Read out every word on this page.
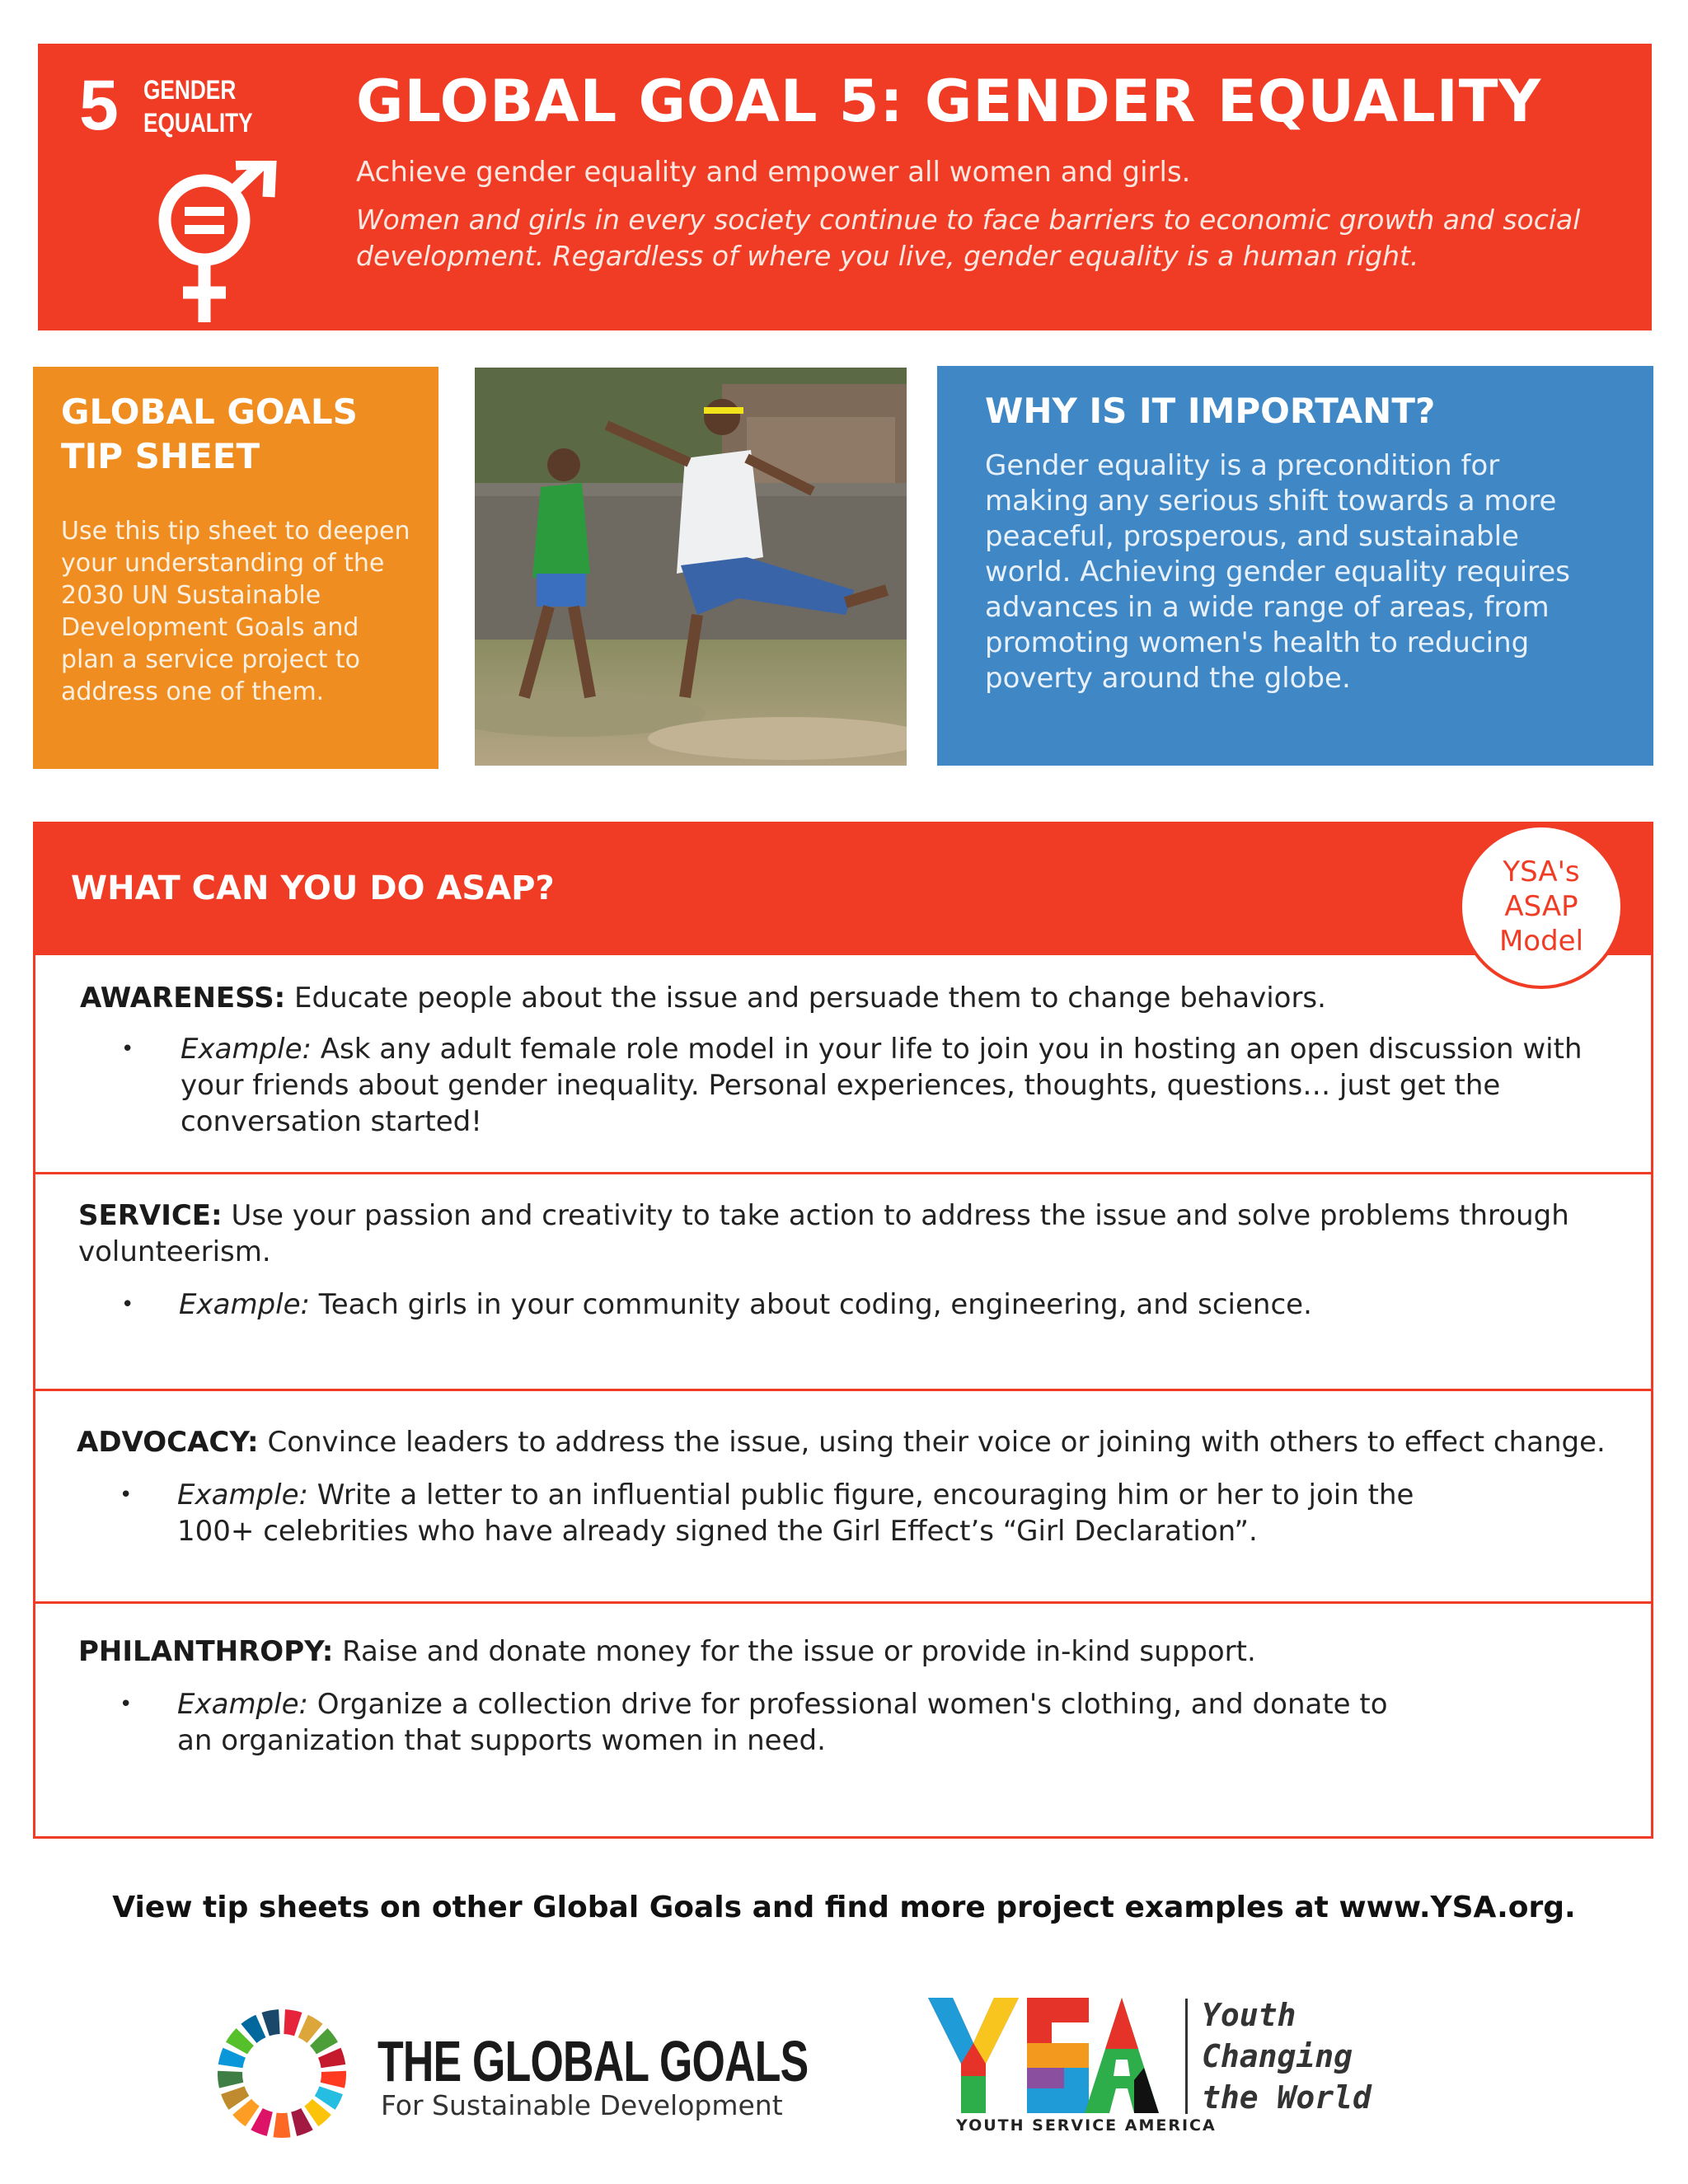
5 GENDER
EQUALITY GLOBAL GOAL 5: GENDER EQUALITY
Achieve gender equality and empower all women and girls.
Women and girls in every society continue to face barriers to economic growth and social development. Regardless of where you live, gender equality is a human right.
GLOBAL GOALS
TIP SHEET
Use this tip sheet to deepen your understanding of the 2030 UN Sustainable Development Goals and plan a service project to address one of them.
WHY IS IT IMPORTANT?
Gender equality is a precondition for making any serious shift towards a more peaceful, prosperous, and sustainable world. Achieving gender equality requires advances in a wide range of areas, from promoting women's health to reducing poverty around the globe.
WHAT CAN YOU DO ASAP?	YSA's
ASAP
Model
AWARENESS: Educate people about the issue and persuade them to change behaviors.
• Example: Ask any adult female role model in your life to join you in hosting an open discussion with your friends about gender inequality. Personal experiences, thoughts, questions… just get the conversation started!
SERVICE: Use your passion and creativity to take action to address the issue and solve problems through volunteerism.
• Example: Teach girls in your community about coding, engineering, and science.
ADVOCACY: Convince leaders to address the issue, using their voice or joining with others to effect change.
• Example: Write a letter to an influential public figure, encouraging him or her to join the 100+ celebrities who have already signed the Girl Effect’s “Girl Declaration”.
PHILANTHROPY: Raise and donate money for the issue or provide in-kind support.
• Example: Organize a collection drive for professional women's clothing, and donate to an organization that supports women in need.
View tip sheets on other Global Goals and find more project examples at www.YSA.org.
THE GLOBAL GOALS
For Sustainable Development
YOUTH SERVICE AMERICA
Youth
Changing
the World
